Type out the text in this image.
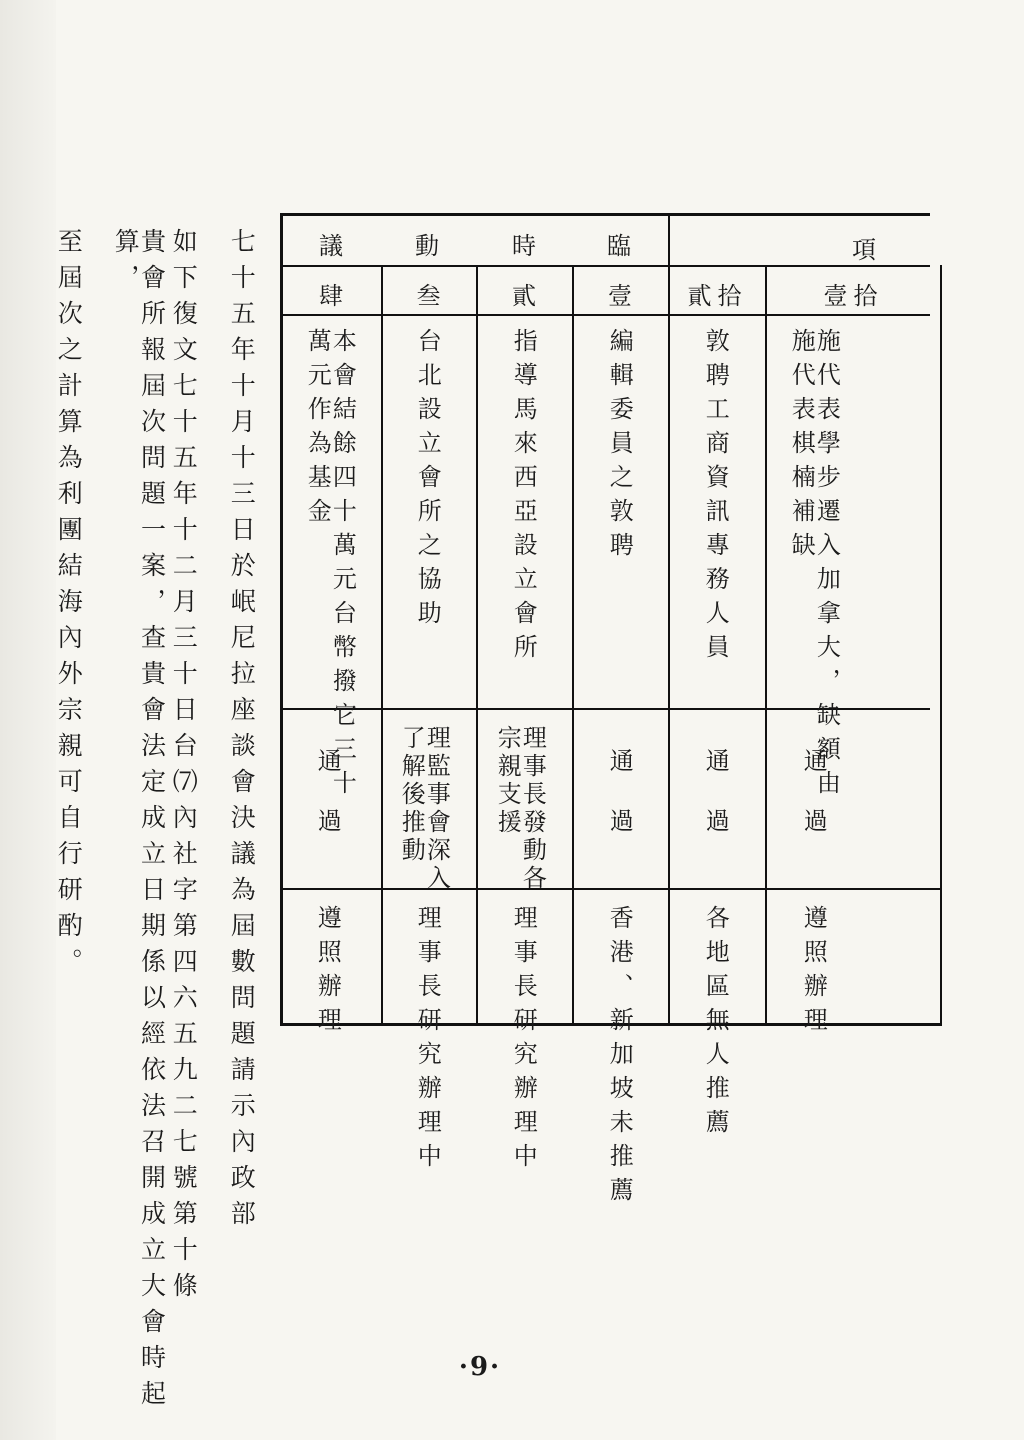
七十五年十月十三日於岷尼拉座談會決議為屆數問題請示內政部
如下復文七十五年十二月三十日台⑺內社字第四六五九二七號第十條
貴會所報屆次問題一案，查貴會法定成立日期係以經依法召開成立大會時起算，
至屆次之計算為利團結海內外宗親可自行研酌。	臨
時
動
議	項
壹拾
貳拾
壹
貳
叁
肆
施代表學步遷入加拿大，缺額由
施代表棋楠補缺
敦聘工商資訊專務人員
編輯委員之敦聘
指導馬來西亞設立會所
台北設立會所之協助
本會結餘四十萬元台幣撥它三十
萬元作為基金
通過
通過
通過
理事長發動各
宗親支援
理監事會深入
了解後推動
通過
遵照辦理
各地區無人推薦
香港、新加坡未推薦
理事長研究辦理中
理事長研究辦理中
遵照辦理
·9·
